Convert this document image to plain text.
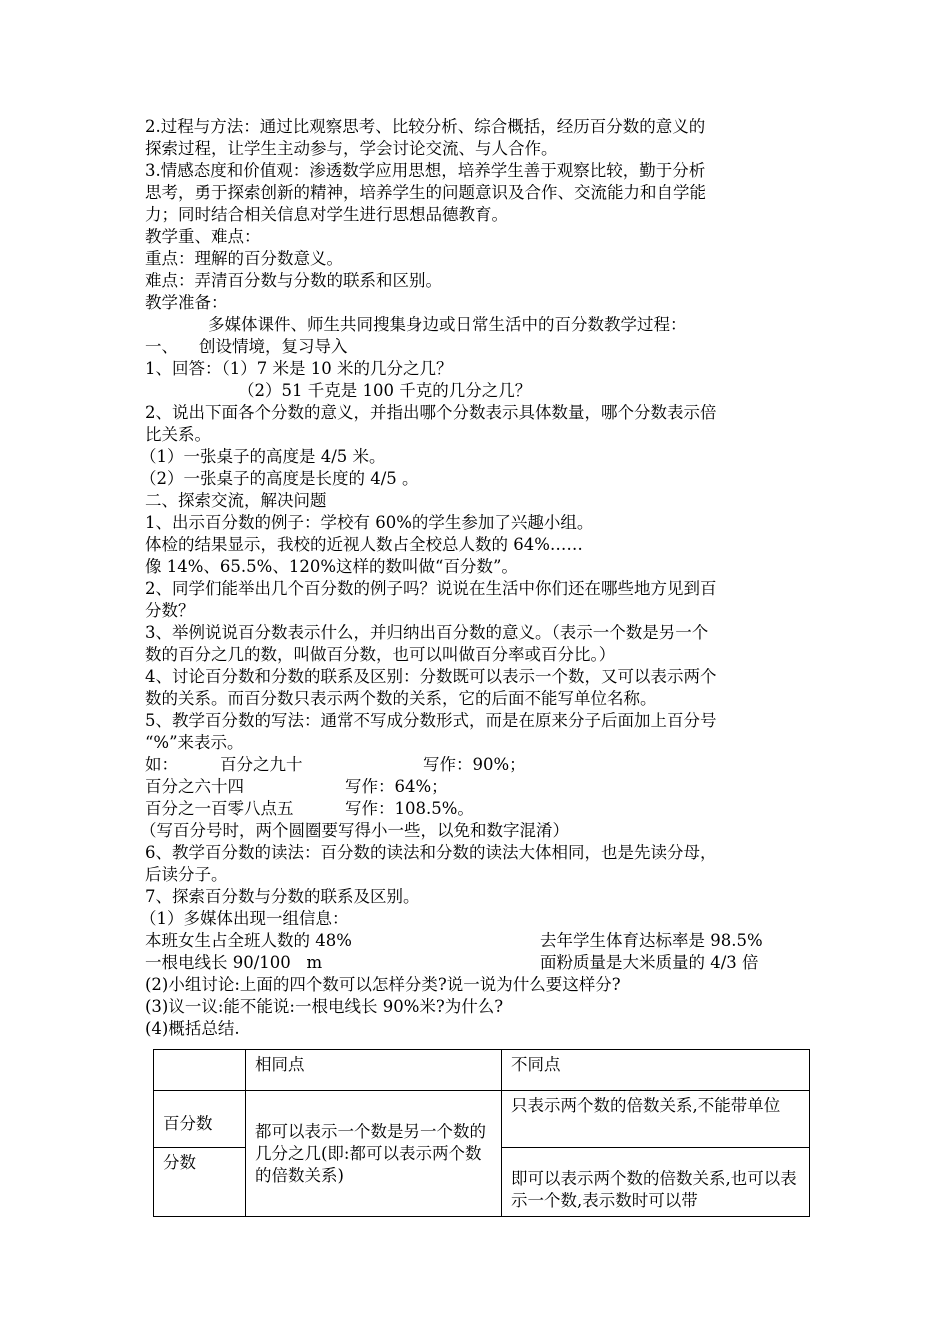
2.过程与方法：通过比观察思考、比较分析、综合概括，经历百分数的意义的
探索过程，让学生主动参与，学会讨论交流、与人合作。
3.情感态度和价值观：渗透数学应用思想，培养学生善于观察比较，勤于分析
思考，勇于探索创新的精神，培养学生的问题意识及合作、交流能力和自学能
力；同时结合相关信息对学生进行思想品德教育。
教学重、难点：
重点：理解的百分数意义。
难点：弄清百分数与分数的联系和区别。
教学准备：
多媒体课件、师生共同搜集身边或日常生活中的百分数教学过程：
一、    创设情境，复习导入
1、回答：（1）7 米是 10 米的几分之几？
（2）51 千克是 100 千克的几分之几？
2、说出下面各个分数的意义，并指出哪个分数表示具体数量，哪个分数表示倍
比关系。
（1）一张桌子的高度是 4/5 米。
（2）一张桌子的高度是长度的 4/5 。
二、探索交流，解决问题
1、出示百分数的例子：学校有 60%的学生参加了兴趣小组。
体检的结果显示，我校的近视人数占全校总人数的 64%……
像 14%、65.5%、120%这样的数叫做“百分数”。
2、同学们能举出几个百分数的例子吗？说说在生活中你们还在哪些地方见到百
分数？
3、举例说说百分数表示什么，并归纳出百分数的意义。（表示一个数是另一个
数的百分之几的数，叫做百分数，也可以叫做百分率或百分比。）
4、讨论百分数和分数的联系及区别：分数既可以表示一个数，又可以表示两个
数的关系。而百分数只表示两个数的关系，它的后面不能写单位名称。
5、教学百分数的写法：通常不写成分数形式，而是在原来分子后面加上百分号
“%”来表示。
如：	百分之九十	写作：90%；
百分之六十四	写作：64%；
百分之一百零八点五	写作：108.5%。
（写百分号时，两个圆圈要写得小一些，以免和数字混淆）
6、教学百分数的读法：百分数的读法和分数的读法大体相同，也是先读分母，
后读分子。
7、探索百分数与分数的联系及区别。
（1）多媒体出现一组信息：
本班女生占全班人数的 48%	去年学生体育达标率是 98.5%
一根电线长 90/100   m	面粉质量是大米质量的 4/3 倍
(2)小组讨论:上面的四个数可以怎样分类?说一说为什么要这样分?
(3)议一议:能不能说:一根电线长 90%米?为什么?
(4)概括总结.
	相同点	不同点
百分数	都可以表示一个数是另一个数的几分之几(即:都可以表示两个数的倍数关系)	只表示两个数的倍数关系,不能带单位
分数		即可以表示两个数的倍数关系,也可以表示一个数,表示数时可以带
